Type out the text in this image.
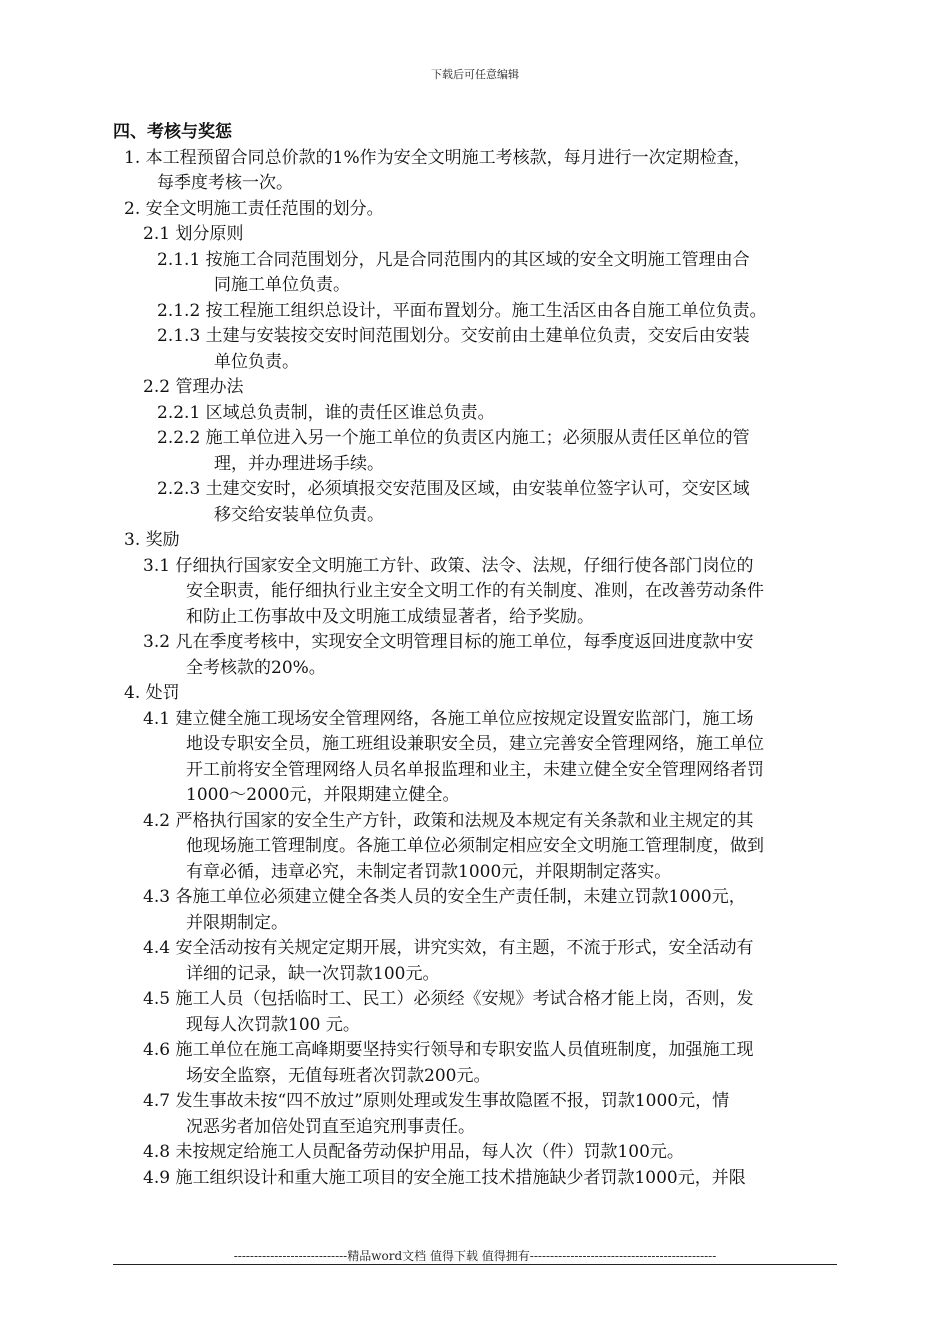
下载后可任意编辑
四、考核与奖惩
1. 本工程预留合同总价款的1%作为安全文明施工考核款，每月进行一次定期检查，
每季度考核一次。
2. 安全文明施工责任范围的划分。
2.1 划分原则
2.1.1 按施工合同范围划分，凡是合同范围内的其区域的安全文明施工管理由合
同施工单位负责。
2.1.2 按工程施工组织总设计，平面布置划分。施工生活区由各自施工单位负责。
2.1.3 土建与安装按交安时间范围划分。交安前由土建单位负责，交安后由安装
单位负责。
2.2 管理办法
2.2.1 区域总负责制，谁的责任区谁总负责。
2.2.2 施工单位进入另一个施工单位的负责区内施工；必须服从责任区单位的管
理，并办理进场手续。
2.2.3 土建交安时，必须填报交安范围及区域，由安装单位签字认可，交安区域
移交给安装单位负责。
3. 奖励
3.1 仔细执行国家安全文明施工方针、政策、法令、法规，仔细行使各部门岗位的
安全职责，能仔细执行业主安全文明工作的有关制度、准则，在改善劳动条件
和防止工伤事故中及文明施工成绩显著者，给予奖励。
3.2 凡在季度考核中，实现安全文明管理目标的施工单位，每季度返回进度款中安
全考核款的20%。
4. 处罚
4.1 建立健全施工现场安全管理网络，各施工单位应按规定设置安监部门，施工场
地设专职安全员，施工班组设兼职安全员，建立完善安全管理网络，施工单位
开工前将安全管理网络人员名单报监理和业主，未建立健全安全管理网络者罚
1000～2000元，并限期建立健全。
4.2 严格执行国家的安全生产方针，政策和法规及本规定有关条款和业主规定的其
他现场施工管理制度。各施工单位必须制定相应安全文明施工管理制度，做到
有章必循，违章必究，未制定者罚款1000元，并限期制定落实。
4.3 各施工单位必须建立健全各类人员的安全生产责任制，未建立罚款1000元，
并限期制定。
4.4 安全活动按有关规定定期开展，讲究实效，有主题，不流于形式，安全活动有
详细的记录，缺一次罚款100元。
4.5 施工人员（包括临时工、民工）必须经《安规》考试合格才能上岗，否则，发
现每人次罚款100 元。
4.6 施工单位在施工高峰期要坚持实行领导和专职安监人员值班制度，加强施工现
场安全监察，无值每班者次罚款200元。
4.7 发生事故未按“四不放过”原则处理或发生事故隐匿不报，罚款1000元，情
况恶劣者加倍处罚直至追究刑事责任。
4.8 未按规定给施工人员配备劳动保护用品，每人次（件）罚款100元。
4.9 施工组织设计和重大施工项目的安全施工技术措施缺少者罚款1000元，并限
----------------------------精品word文档 值得下载 值得拥有----------------------------------------------
